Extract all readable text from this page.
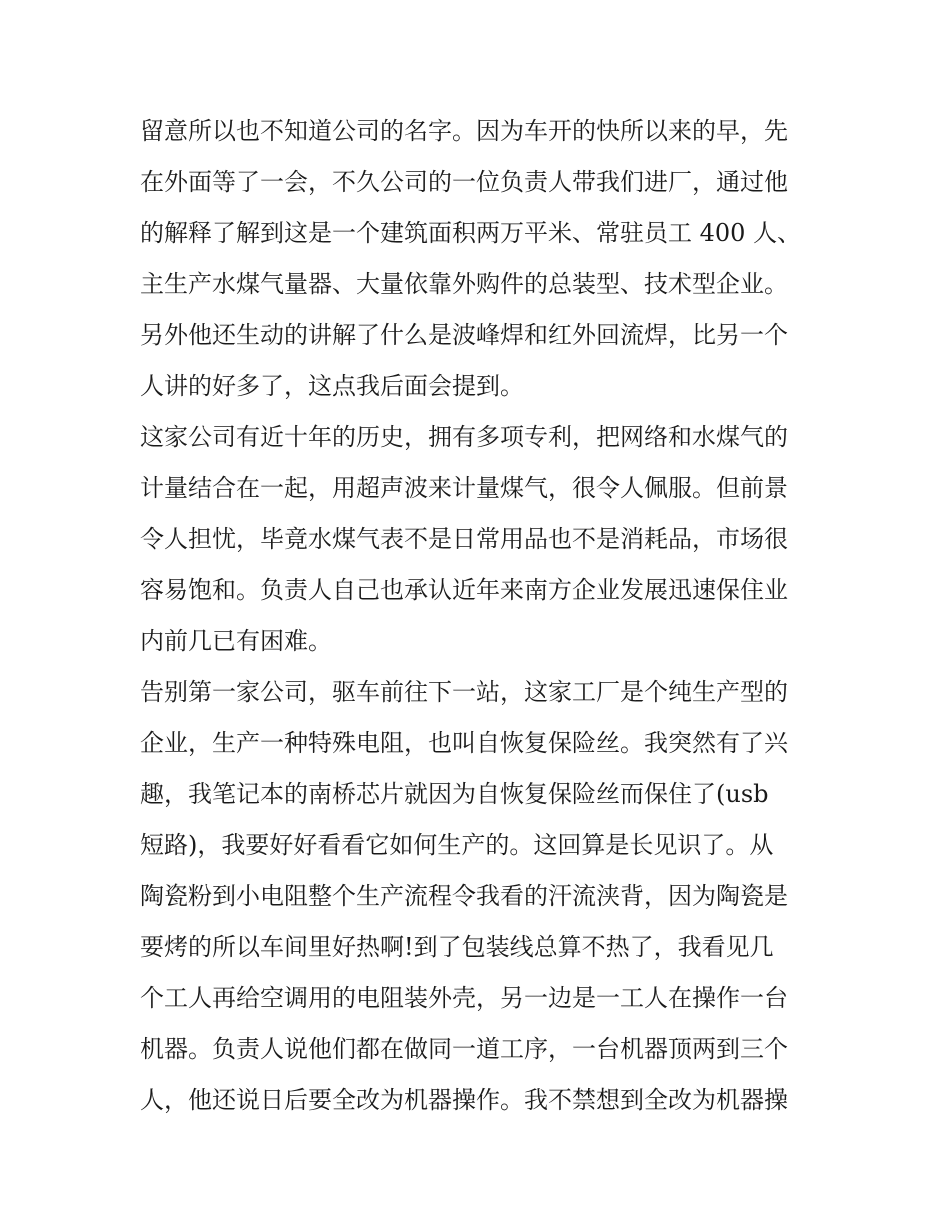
留意所以也不知道公司的名字。因为车开的快所以来的早，先
在外面等了一会，不久公司的一位负责人带我们进厂，通过他
的解释了解到这是一个建筑面积两万平米、常驻员工 400 人、
主生产水煤气量器、大量依靠外购件的总装型、技术型企业。
另外他还生动的讲解了什么是波峰焊和红外回流焊，比另一个
人讲的好多了，这点我后面会提到。
这家公司有近十年的历史，拥有多项专利，把网络和水煤气的
计量结合在一起，用超声波来计量煤气，很令人佩服。但前景
令人担忧，毕竟水煤气表不是日常用品也不是消耗品，市场很
容易饱和。负责人自己也承认近年来南方企业发展迅速保住业
内前几已有困难。
告别第一家公司，驱车前往下一站，这家工厂是个纯生产型的
企业，生产一种特殊电阻，也叫自恢复保险丝。我突然有了兴
趣，我笔记本的南桥芯片就因为自恢复保险丝而保住了(usb
短路)，我要好好看看它如何生产的。这回算是长见识了。从
陶瓷粉到小电阻整个生产流程令我看的汗流浃背，因为陶瓷是
要烤的所以车间里好热啊!到了包装线总算不热了，我看见几
个工人再给空调用的电阻装外壳，另一边是一工人在操作一台
机器。负责人说他们都在做同一道工序，一台机器顶两到三个
人，他还说日后要全改为机器操作。我不禁想到全改为机器操
